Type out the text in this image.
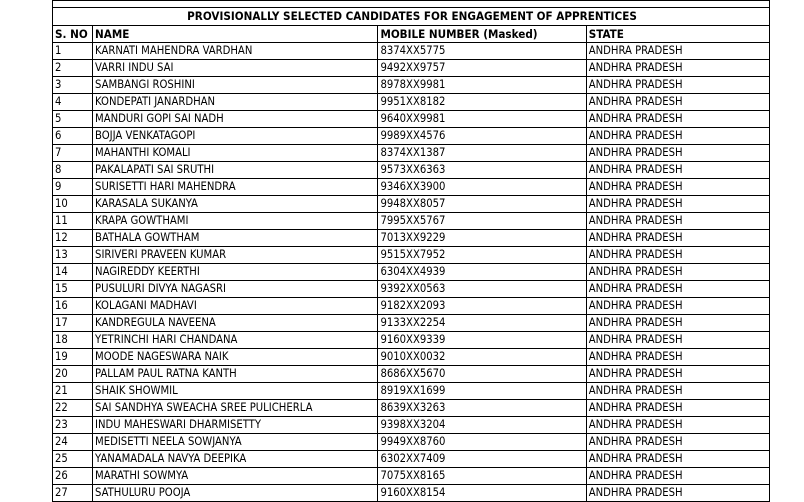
PROVISIONALLY SELECTED CANDIDATES FOR ENGAGEMENT OF APPRENTICES			
S. NO	NAME	MOBILE NUMBER (Masked)	STATE
1	KARNATI MAHENDRA VARDHAN	8374XX5775	ANDHRA PRADESH
2	VARRI INDU SAI	9492XX9757	ANDHRA PRADESH
3	SAMBANGI ROSHINI	8978XX9981	ANDHRA PRADESH
4	KONDEPATI JANARDHAN	9951XX8182	ANDHRA PRADESH
5	MANDURI GOPI SAI NADH	9640XX9981	ANDHRA PRADESH
6	BOJJA VENKATAGOPI	9989XX4576	ANDHRA PRADESH
7	MAHANTHI KOMALI	8374XX1387	ANDHRA PRADESH
8	PAKALAPATI SAI SRUTHI	9573XX6363	ANDHRA PRADESH
9	SURISETTI HARI MAHENDRA	9346XX3900	ANDHRA PRADESH
10	KARASALA SUKANYA	9948XX8057	ANDHRA PRADESH
11	KRAPA GOWTHAMI	7995XX5767	ANDHRA PRADESH
12	BATHALA GOWTHAM	7013XX9229	ANDHRA PRADESH
13	SIRIVERI PRAVEEN KUMAR	9515XX7952	ANDHRA PRADESH
14	NAGIREDDY KEERTHI	6304XX4939	ANDHRA PRADESH
15	PUSULURI DIVYA NAGASRI	9392XX0563	ANDHRA PRADESH
16	KOLAGANI MADHAVI	9182XX2093	ANDHRA PRADESH
17	KANDREGULA NAVEENA	9133XX2254	ANDHRA PRADESH
18	YETRINCHI HARI CHANDANA	9160XX9339	ANDHRA PRADESH
19	MOODE NAGESWARA NAIK	9010XX0032	ANDHRA PRADESH
20	PALLAM PAUL RATNA KANTH	8686XX5670	ANDHRA PRADESH
21	SHAIK SHOWMIL	8919XX1699	ANDHRA PRADESH
22	SAI SANDHYA SWEACHA SREE PULICHERLA	8639XX3263	ANDHRA PRADESH
23	INDU MAHESWARI DHARMISETTY	9398XX3204	ANDHRA PRADESH
24	MEDISETTI NEELA SOWJANYA	9949XX8760	ANDHRA PRADESH
25	YANAMADALA NAVYA DEEPIKA	6302XX7409	ANDHRA PRADESH
26	MARATHI SOWMYA	7075XX8165	ANDHRA PRADESH
27	SATHULURU POOJA	9160XX8154	ANDHRA PRADESH
